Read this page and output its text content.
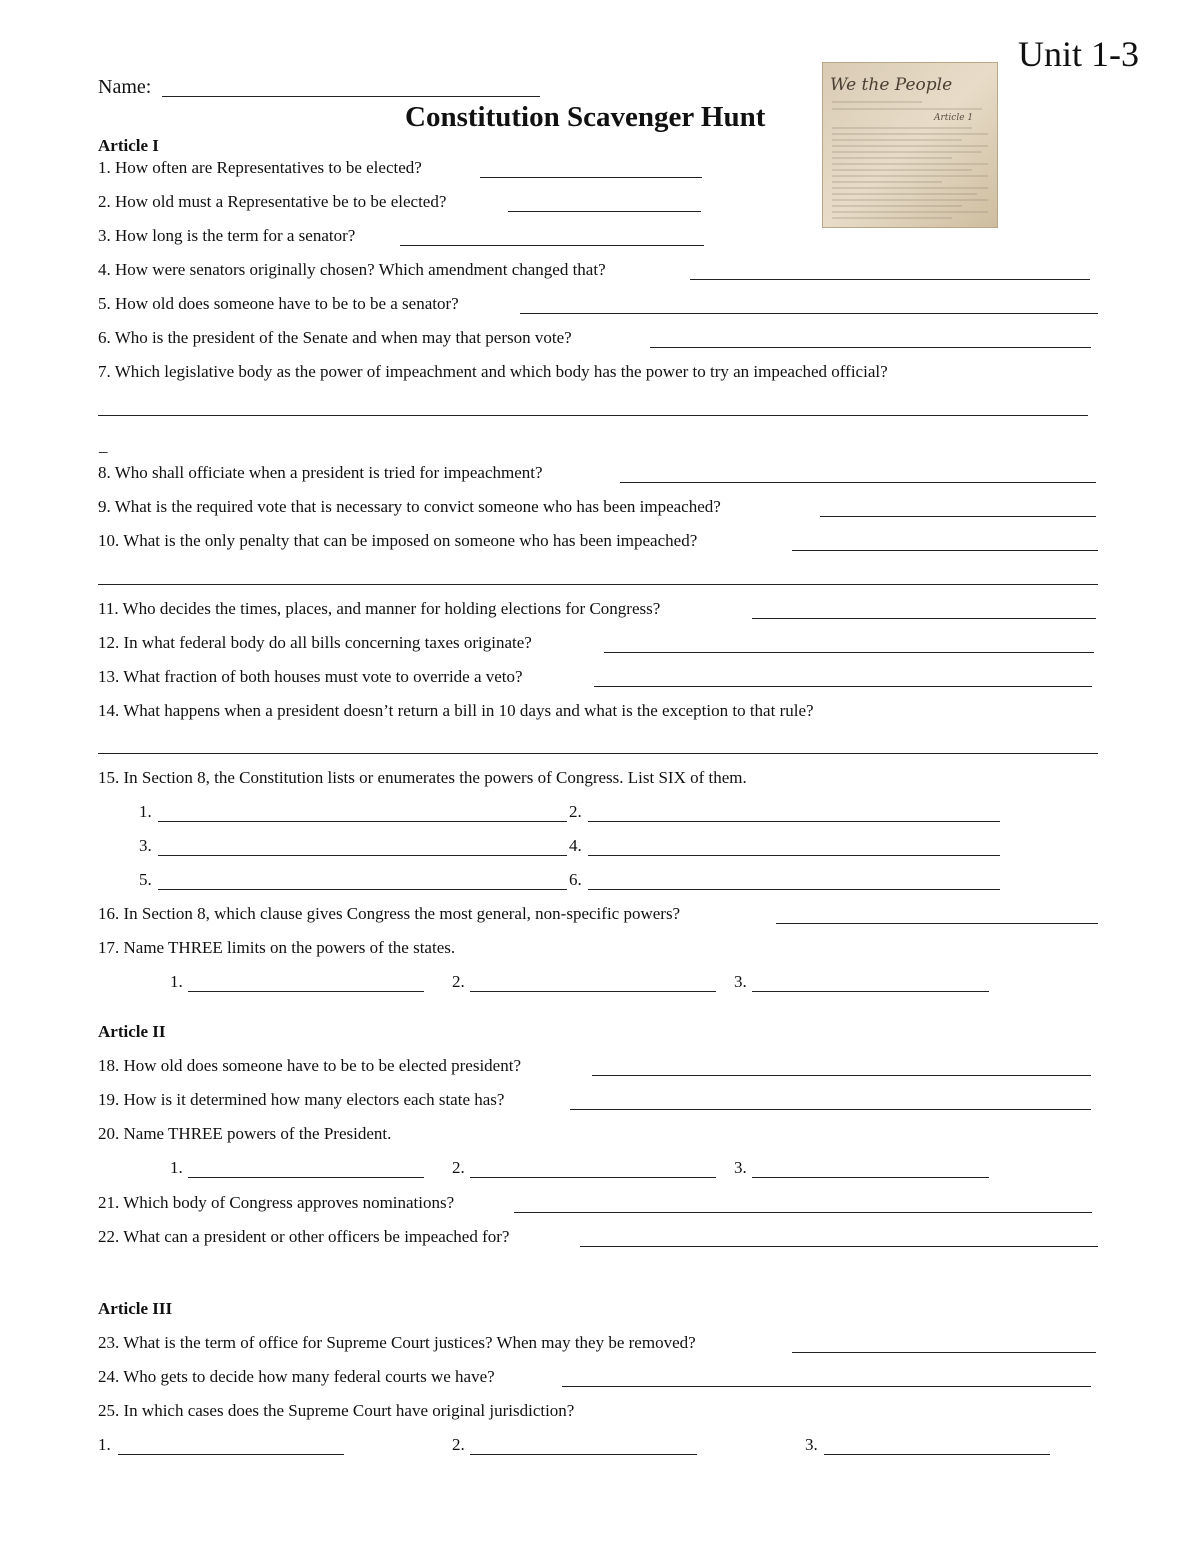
Unit 1-3
Name:
Constitution Scavenger Hunt
We the People
Article 1
Article I
1. How often are Representatives to be elected?
2. How old must a Representative be to be elected?
3. How long is the term for a senator?
4. How were senators originally chosen? Which amendment changed that?
5. How old does someone have to be to be a senator?
6. Who is the president of the Senate and when may that person vote?
7. Which legislative body as the power of impeachment and which body has the power to try an impeached official?
_
8. Who shall officiate when a president is tried for impeachment?
9. What is the required vote that is necessary to convict someone who has been impeached?
10. What is the only penalty that can be imposed on someone who has been impeached?
11. Who decides the times, places, and manner for holding elections for Congress?
12. In what federal body do all bills concerning taxes originate?
13. What fraction of both houses must vote to override a veto?
14. What happens when a president doesn’t return a bill in 10 days and what is the exception to that rule?
15. In Section 8, the Constitution lists or enumerates the powers of Congress. List SIX of them.
1.	2.
3.	4.
5.	6.
16. In Section 8, which clause gives Congress the most general, non-specific powers?
17. Name THREE limits on the powers of the states.
1.	2.	3.
Article II
18. How old does someone have to be to be elected president?
19. How is it determined how many electors each state has?
20. Name THREE powers of the President.
1.	2.	3.
21. Which body of Congress approves nominations?
22. What can a president or other officers be impeached for?
Article III
23. What is the term of office for Supreme Court justices? When may they be removed?
24. Who gets to decide how many federal courts we have?
25. In which cases does the Supreme Court have original jurisdiction?
1.	2.	3.
